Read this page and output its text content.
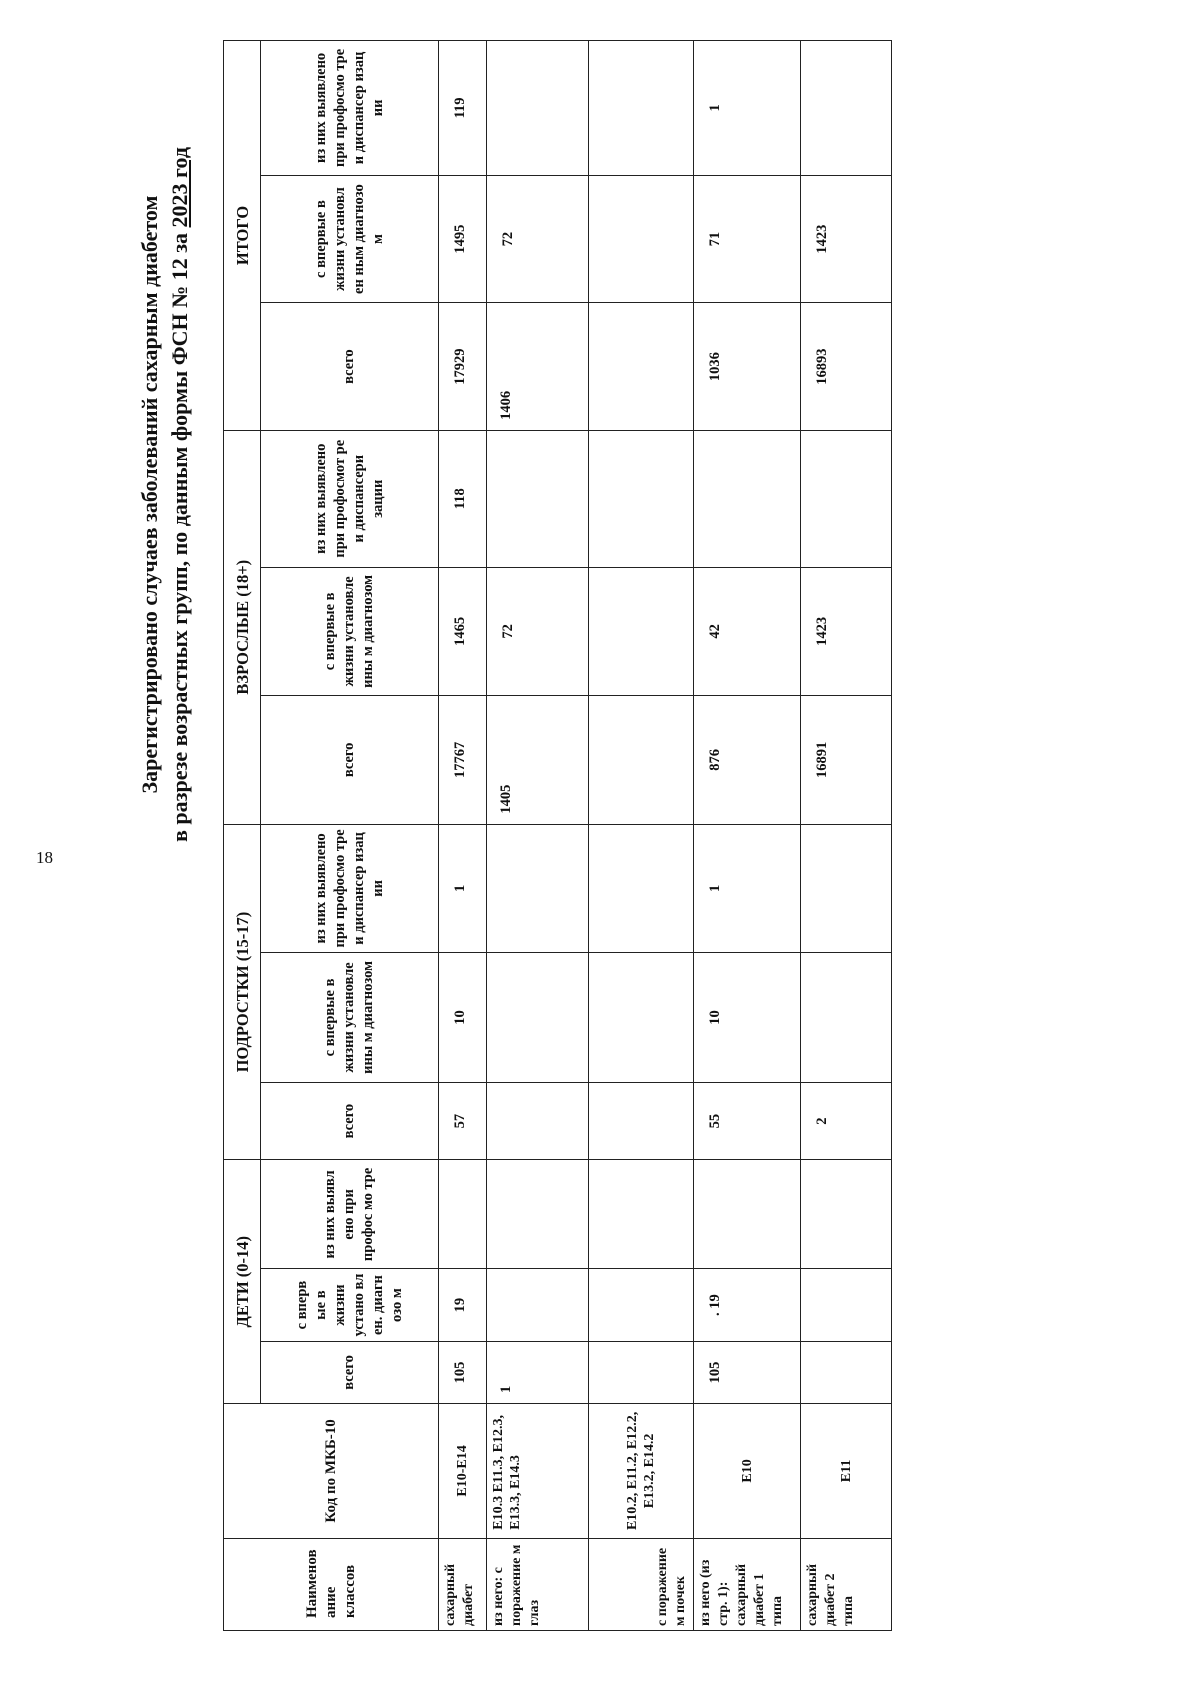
18
Зарегистрировано случаев заболеваний сахарным диабетом в разрезе возрастных групп, по данным формы ФСН № 12 за 2023 год
Наименов ание классов	Код по МКБ-10	ДЕТИ (0-14)			ПОДРОСТКИ (15-17)			ВЗРОСЛЫЕ (18+)			ИТОГО		
		всего	с вперв ые в жизни устано вл ен. диагн озо м	из них выявл ено при профос мо тре	всего	с впервые в жизни установле ины м диагнозом	из них выявлено при профосмо тре и диспансер изац ии	всего	с впервые в жизни установле ины м диагнозом	из них выявлено при профосмот ре и диспансери зации	всего	с впервые в жизни установл ен ным диагнозо м	из них выявлено при профосмо тре и диспансер изац ии
сахарный диабет	E10-E14	105	19		57	10	1	17767	1465	118	17929	1495	119
из него: с поражение м глаз	E10.3 E11.3, E12.3, E13.3, E14.3	1						1405	72		1406	72	
с поражение м почек	E10.2, E11.2, E12.2, E13.2, E14.2												
из него (из стр. 1): сахарный диабет 1 типа	E10	105	. 19		55	10	1	876	42		1036	71	1
сахарный диабет 2 типа	E11				2			16891	1423		16893	1423	
